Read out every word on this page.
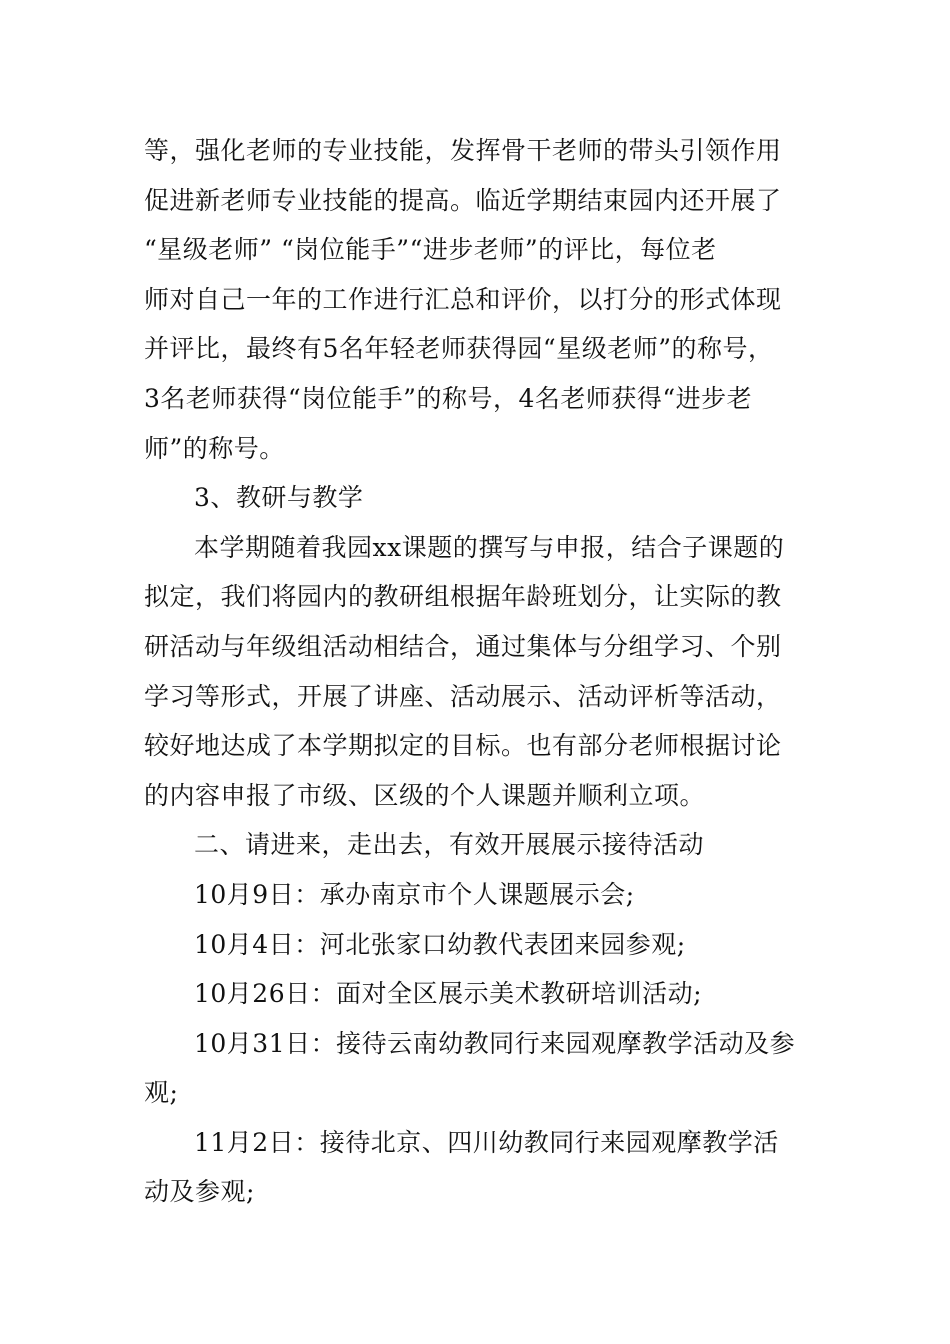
等，强化老师的专业技能，发挥骨干老师的带头引领作用

促进新老师专业技能的提高。临近学期结束园内还开展了

“星级老师” “岗位能手”“进步老师”的评比，每位老

师对自己一年的工作进行汇总和评价，以打分的形式体现

并评比，最终有5名年轻老师获得园“星级老师”的称号，

3名老师获得“岗位能手”的称号，4名老师获得“进步老

师”的称号。

3、教研与教学

本学期随着我园xx课题的撰写与申报，结合子课题的

拟定，我们将园内的教研组根据年龄班划分，让实际的教

研活动与年级组活动相结合，通过集体与分组学习、个别

学习等形式，开展了讲座、活动展示、活动评析等活动，

较好地达成了本学期拟定的目标。也有部分老师根据讨论

的内容申报了市级、区级的个人课题并顺利立项。

二、请进来，走出去，有效开展展示接待活动

10月9日：承办南京市个人课题展示会;

10月4日：河北张家口幼教代表团来园参观;

10月26日：面对全区展示美术教研培训活动;

10月31日：接待云南幼教同行来园观摩教学活动及参

观;

11月2日：接待北京、四川幼教同行来园观摩教学活

动及参观;
